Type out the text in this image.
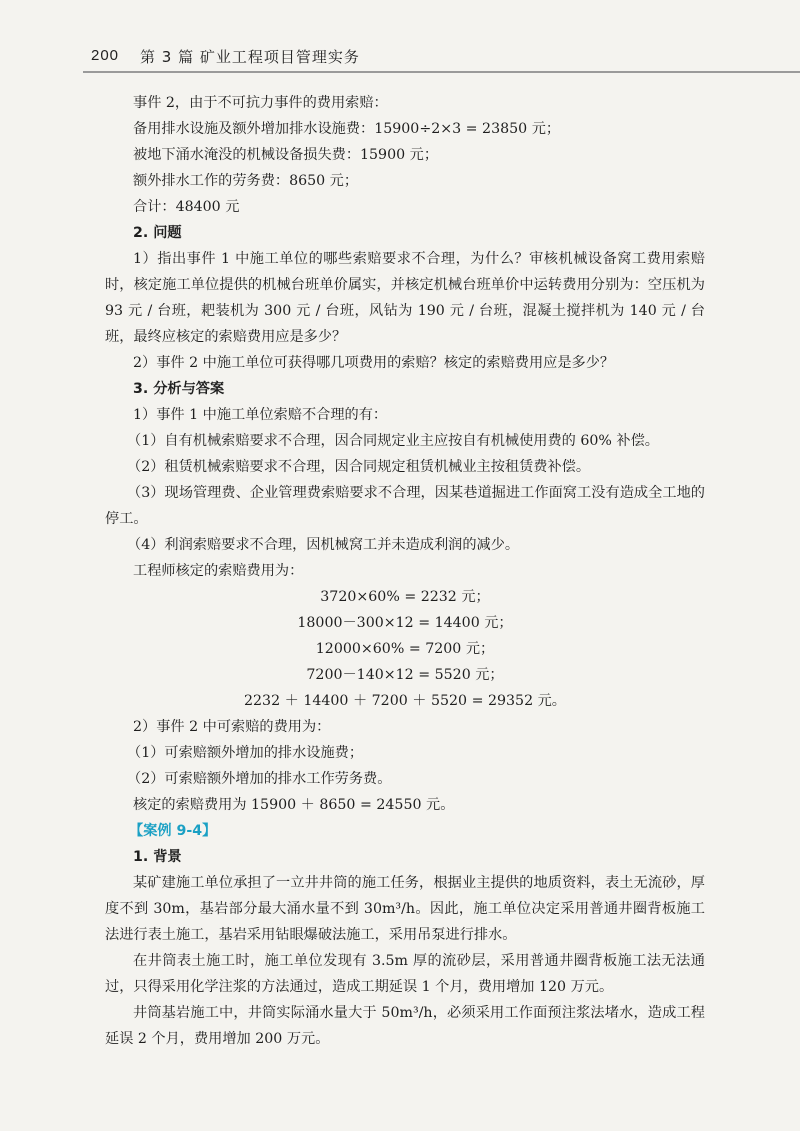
200 第 3 篇 矿业工程项目管理实务
事件 2，由于不可抗力事件的费用索赔：
备用排水设施及额外增加排水设施费：15900÷2×3 = 23850 元；
被地下涌水淹没的机械设备损失费：15900 元；
额外排水工作的劳务费：8650 元；
合计：48400 元
2. 问题
1）指出事件 1 中施工单位的哪些索赔要求不合理，为什么？审核机械设备窝工费用索赔时，核定施工单位提供的机械台班单价属实，并核定机械台班单价中运转费用分别为：空压机为 93 元 / 台班，耙装机为 300 元 / 台班，风钻为 190 元 / 台班，混凝土搅拌机为 140 元 / 台班，最终应核定的索赔费用应是多少？
2）事件 2 中施工单位可获得哪几项费用的索赔？核定的索赔费用应是多少？
3. 分析与答案
1）事件 1 中施工单位索赔不合理的有：
（1）自有机械索赔要求不合理，因合同规定业主应按自有机械使用费的 60% 补偿。
（2）租赁机械索赔要求不合理，因合同规定租赁机械业主按租赁费补偿。
（3）现场管理费、企业管理费索赔要求不合理，因某巷道掘进工作面窝工没有造成全工地的停工。
（4）利润索赔要求不合理，因机械窝工并未造成利润的减少。
工程师核定的索赔费用为：
3720×60% = 2232 元；
18000－300×12 = 14400 元；
12000×60% = 7200 元；
7200－140×12 = 5520 元；
2232 ＋ 14400 ＋ 7200 ＋ 5520 = 29352 元。
2）事件 2 中可索赔的费用为：
（1）可索赔额外增加的排水设施费；
（2）可索赔额外增加的排水工作劳务费。
核定的索赔费用为 15900 ＋ 8650 = 24550 元。
【案例 9-4】
1. 背景
某矿建施工单位承担了一立井井筒的施工任务，根据业主提供的地质资料，表土无流砂，厚度不到 30m，基岩部分最大涌水量不到 30m³/h。因此，施工单位决定采用普通井圈背板施工法进行表土施工，基岩采用钻眼爆破法施工，采用吊泵进行排水。
在井筒表土施工时，施工单位发现有 3.5m 厚的流砂层，采用普通井圈背板施工法无法通过，只得采用化学注浆的方法通过，造成工期延误 1 个月，费用增加 120 万元。
井筒基岩施工中，井筒实际涌水量大于 50m³/h，必须采用工作面预注浆法堵水，造成工程延误 2 个月，费用增加 200 万元。
